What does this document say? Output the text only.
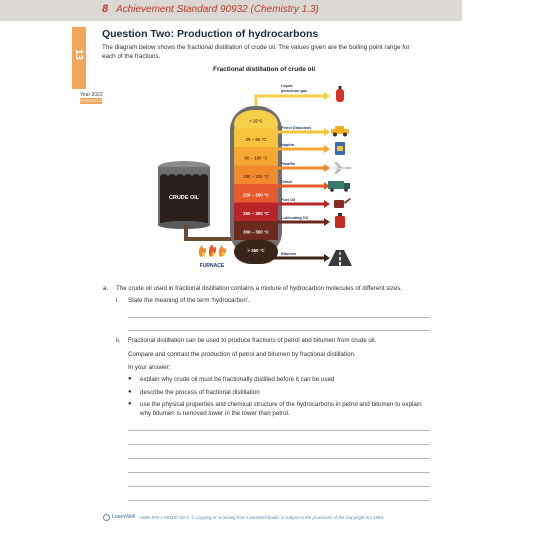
8 Achievement Standard 90932 (Chemistry 1.3)
13
Year 2022
WORKBOOK
Question Two: Production of hydrocarbons
The diagram below shows the fractional distillation of crude oil. The values given are the boiling point range for each of the fractions.
Fractional distillation of crude oil
CRUDE OIL
FURNACE
< 25°C
25 – 60 °C
60 – 180 °C
180 – 220 °C
220 – 250 °C
250 – 300 °C
300 – 350 °C
> 350 °C
Liquid petroleum gas
Petrol (Gasoline)
Naphta
Paraffin
Diesel
Fuel Oil
Lubricating Oil
Bitumen
a. The crude oil used in fractional distillation contains a mixture of hydrocarbon molecules of different sizes.
i. State the meaning of the term 'hydrocarbon'.
ii. Fractional distillation can be used to produce fractions of petrol and bitumen from crude oil.
Compare and contrast the production of petrol and bitumen by fractional distillation.
In your answer:
● explain why crude oil must be fractionally distilled before it can be used
● describe the process of fractional distillation
● use the physical properties and chemical structure of the hydrocarbons in petrol and bitumen to explain why bitumen is removed lower in the tower than petrol.
LearnWell ISBN 978-1-991137-02-2. © Copying or scanning from LearnWell books is subject to the provisions of the Copyright Act 1994.
